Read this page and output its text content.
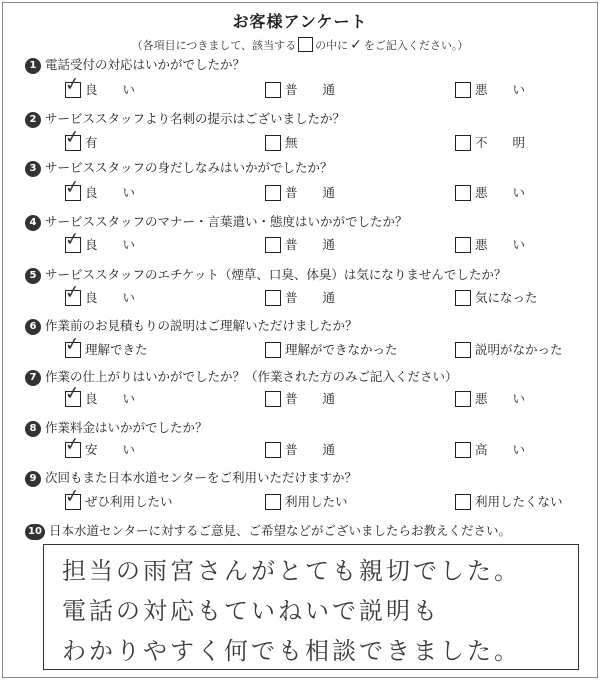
お客様アンケート
（各項目につきまして、該当する の中に ✓ をご記入ください。）
1 電話受付の対応はいかがでしたか？
✓ 良　　い	普　　通	悪　　い
2 サービススタッフより名刺の提示はございましたか？
✓ 有	無	不　　明
3 サービススタッフの身だしなみはいかがでしたか？
✓ 良　　い	普　　通	悪　　い
4 サービススタッフのマナー・言葉遣い・態度はいかがでしたか？
✓ 良　　い	普　　通	悪　　い
5 サービススタッフのエチケット（煙草、口臭、体臭）は気になりませんでしたか？
✓ 良　　い	普　　通	気になった
6 作業前のお見積もりの説明はご理解いただけましたか？
✓ 理解できた	理解ができなかった	説明がなかった
7 作業の仕上がりはいかがでしたか？（作業された方のみご記入ください）
✓ 良　　い	普　　通	悪　　い
8 作業料金はいかがでしたか？
✓ 安　　い	普　　通	高　　い
9 次回もまた日本水道センターをご利用いただけますか？
✓ ぜひ利用したい	利用したい	利用したくない
10 日本水道センターに対するご意見、ご希望などがございましたらお教えください。
担当の雨宮さんがとても親切でした。
電話の対応もていねいで説明も
わかりやすく何でも相談できました。
